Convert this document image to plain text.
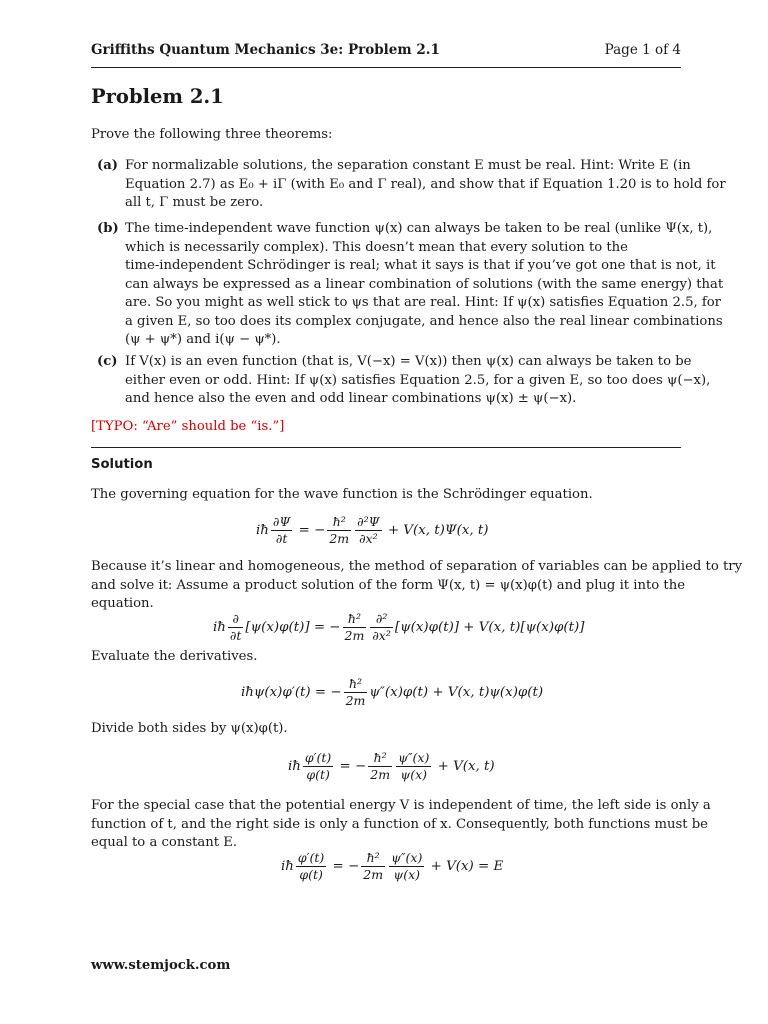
Griffiths Quantum Mechanics 3e: Problem 2.1	Page 1 of 4
Problem 2.1
Prove the following three theorems:
(a) For normalizable solutions, the separation constant E must be real. Hint: Write E (in

Equation 2.7) as E₀ + iΓ (with E₀ and Γ real), and show that if Equation 1.20 is to hold for

all t, Γ must be zero.

(b) The time-independent wave function ψ(x) can always be taken to be real (unlike Ψ(x, t),

which is necessarily complex). This doesn’t mean that every solution to the

time-independent Schrödinger is real; what it says is that if you’ve got one that is not, it

can always be expressed as a linear combination of solutions (with the same energy) that

are. So you might as well stick to ψs that are real. Hint: If ψ(x) satisfies Equation 2.5, for

a given E, so too does its complex conjugate, and hence also the real linear combinations

(ψ + ψ*) and i(ψ − ψ*).

(c) If V(x) is an even function (that is, V(−x) = V(x)) then ψ(x) can always be taken to be

either even or odd. Hint: If ψ(x) satisfies Equation 2.5, for a given E, so too does ψ(−x),

and hence also the even and odd linear combinations ψ(x) ± ψ(−x).

[TYPO: “Are” should be “is.”]
Solution

The governing equation for the wave function is the Schrödinger equation.

iħ $\frac{\partial\Psi}{\partial t}$ = − $\frac{\text{ħ²}}{2m} \frac{\text{∂²Ψ}}{\text{∂x²}} + V(x$, t)Ψ(x, t)

Because it’s linear and homogeneous, the method of separation of variables can be applied to try

and solve it: Assume a product solution of the form Ψ(x, t) = ψ(x)φ(t) and plug it into the

equation.

iħ $\frac{\partial}{\partial t} [\psi(x)\varphi(t)]$ = − $\frac{\text{ħ²}}{2m} \frac{\text{∂²}}{\text{∂x²}} [\psi(x)\varphi(t)] + V(x$, t)[ψ(x)φ(t)]

Evaluate the derivatives.

iħψ(x)φ′(t) = − $\frac{\text{ħ²}}{2m} \psi''(x)\varphi(t) + V(x$, t)ψ(x)φ(t)

Divide both sides by ψ(x)φ(t).

iħ $\frac{\varphi'(t)}{\varphi(t)}$ = − $\frac{\text{ħ²}}{2m} \frac{\psi''(x)}{\psi(x)} + V(x$, t)

For the special case that the potential energy V is independent of time, the left side is only a

function of t, and the right side is only a function of x. Consequently, both functions must be

equal to a constant E.

iħ $\frac{\varphi'(t)}{\varphi(t)}$ = − $\frac{\text{ħ²}}{2m} \frac{\psi''(x)}{\psi(x)} + V(x) = E$
www.stemjock.com
